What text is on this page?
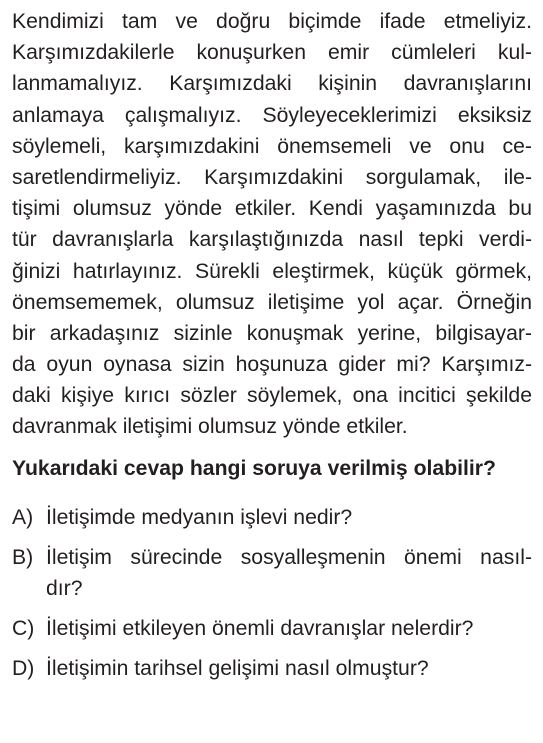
Kendimizi tam ve doğru biçimde ifade etmeliyiz.
Karşımızdakilerle konuşurken emir cümleleri kul-
lanmamalıyız. Karşımızdaki kişinin davranışlarını
anlamaya çalışmalıyız. Söyleyeceklerimizi eksiksiz
söylemeli, karşımızdakini önemsemeli ve onu ce-
saretlendirmeliyiz. Karşımızdakini sorgulamak, ile-
tişimi olumsuz yönde etkiler. Kendi yaşamınızda bu
tür davranışlarla karşılaştığınızda nasıl tepki verdi-
ğinizi hatırlayınız. Sürekli eleştirmek, küçük görmek,
önemsememek, olumsuz iletişime yol açar. Örneğin
bir arkadaşınız sizinle konuşmak yerine, bilgisayar-
da oyun oynasa sizin hoşunuza gider mi? Karşımız-
daki kişiye kırıcı sözler söylemek, ona incitici şekilde
davranmak iletişimi olumsuz yönde etkiler.
Yukarıdaki cevap hangi soruya verilmiş olabilir?
A) İletişimde medyanın işlevi nedir?
B) İletişim sürecinde sosyalleşmenin önemi nasıl-
dır?
C) İletişimi etkileyen önemli davranışlar nelerdir?
D) İletişimin tarihsel gelişimi nasıl olmuştur?
